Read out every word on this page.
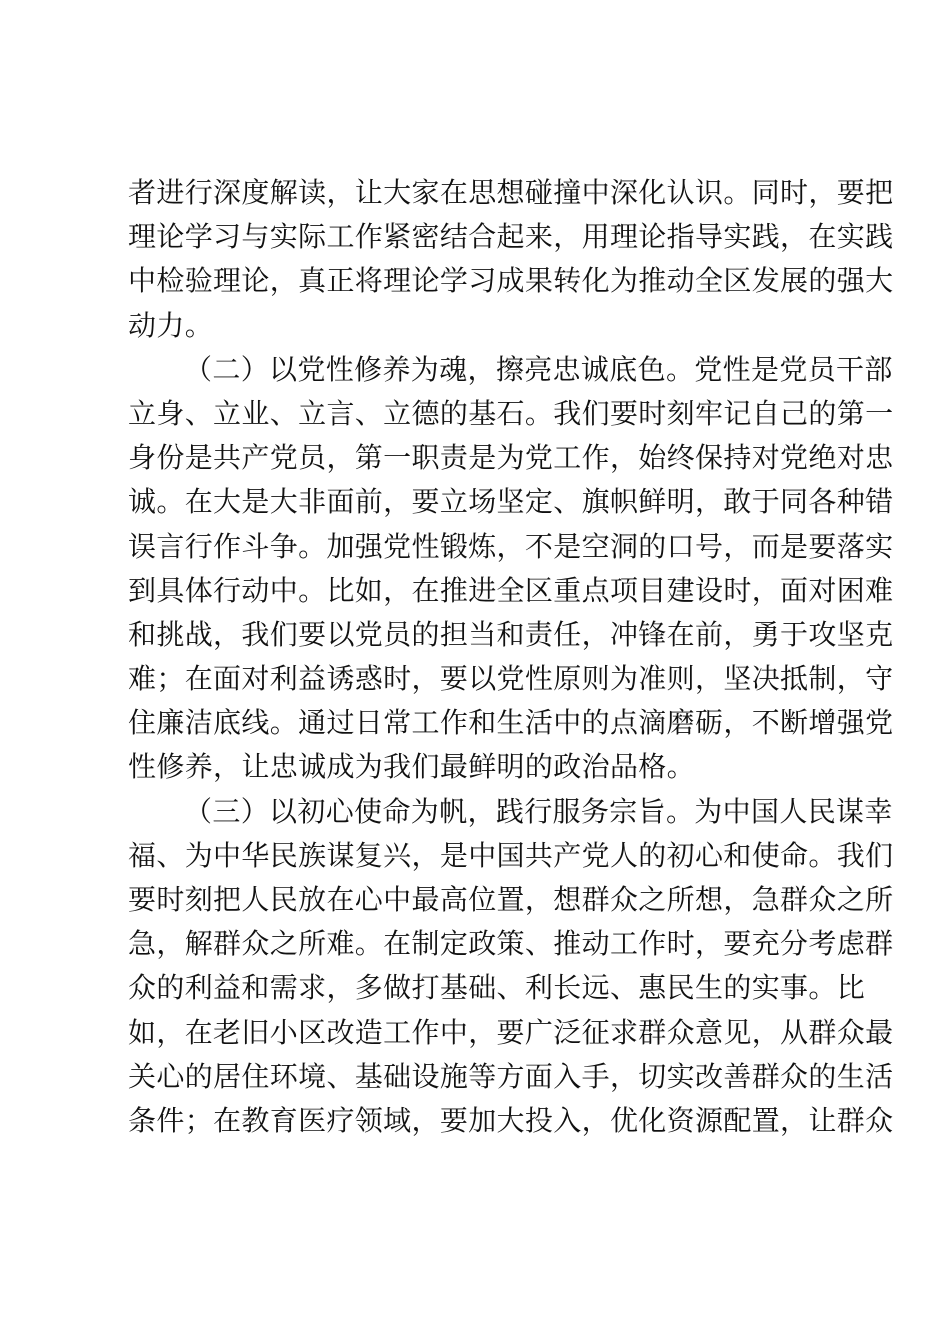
者进行深度解读，让大家在思想碰撞中深化认识。同时，要把
理论学习与实际工作紧密结合起来，用理论指导实践，在实践
中检验理论，真正将理论学习成果转化为推动全区发展的强大
动力。
（二）以党性修养为魂，擦亮忠诚底色。党性是党员干部
立身、立业、立言、立德的基石。我们要时刻牢记自己的第一
身份是共产党员，第一职责是为党工作，始终保持对党绝对忠
诚。在大是大非面前，要立场坚定、旗帜鲜明，敢于同各种错
误言行作斗争。加强党性锻炼，不是空洞的口号，而是要落实
到具体行动中。比如，在推进全区重点项目建设时，面对困难
和挑战，我们要以党员的担当和责任，冲锋在前，勇于攻坚克
难；在面对利益诱惑时，要以党性原则为准则，坚决抵制，守
住廉洁底线。通过日常工作和生活中的点滴磨砺，不断增强党
性修养，让忠诚成为我们最鲜明的政治品格。
（三）以初心使命为帆，践行服务宗旨。为中国人民谋幸
福、为中华民族谋复兴，是中国共产党人的初心和使命。我们
要时刻把人民放在心中最高位置，想群众之所想，急群众之所
急，解群众之所难。在制定政策、推动工作时，要充分考虑群
众的利益和需求，多做打基础、利长远、惠民生的实事。比
如，在老旧小区改造工作中，要广泛征求群众意见，从群众最
关心的居住环境、基础设施等方面入手，切实改善群众的生活
条件；在教育医疗领域，要加大投入，优化资源配置，让群众
